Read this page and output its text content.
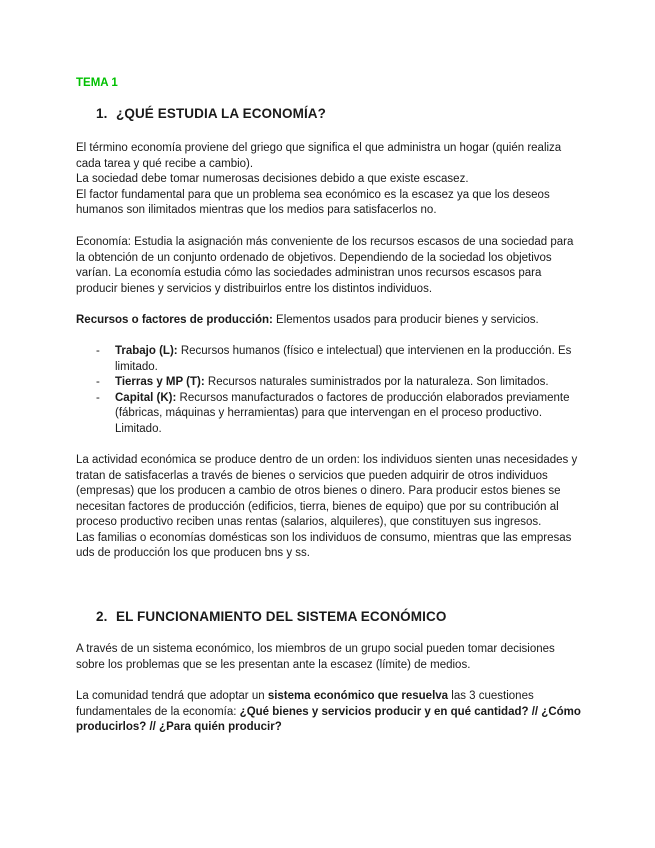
TEMA 1
1. ¿QUÉ ESTUDIA LA ECONOMÍA?

El término economía proviene del griego que significa el que administra un hogar (quién realiza cada tarea y qué recibe a cambio).

La sociedad debe tomar numerosas decisiones debido a que existe escasez.

El factor fundamental para que un problema sea económico es la escasez ya que los deseos humanos son ilimitados mientras que los medios para satisfacerlos no.

Economía: Estudia la asignación más conveniente de los recursos escasos de una sociedad para la obtención de un conjunto ordenado de objetivos. Dependiendo de la sociedad los objetivos varían. La economía estudia cómo las sociedades administran unos recursos escasos para producir bienes y servicios y distribuirlos entre los distintos individuos.

Recursos o factores de producción: Elementos usados para producir bienes y servicios.

- Trabajo (L): Recursos humanos (físico e intelectual) que intervienen en la producción. Es limitado.

- Tierras y MP (T): Recursos naturales suministrados por la naturaleza. Son limitados.

- Capital (K): Recursos manufacturados o factores de producción elaborados previamente (fábricas, máquinas y herramientas) para que intervengan en el proceso productivo. Limitado.

La actividad económica se produce dentro de un orden: los individuos sienten unas necesidades y tratan de satisfacerlas a través de bienes o servicios que pueden adquirir de otros individuos (empresas) que los producen a cambio de otros bienes o dinero. Para producir estos bienes se necesitan factores de producción (edificios, tierra, bienes de equipo) que por su contribución al proceso productivo reciben unas rentas (salarios, alquileres), que constituyen sus ingresos.

Las familias o economías domésticas son los individuos de consumo, mientras que las empresas uds de producción los que producen bns y ss.

2. EL FUNCIONAMIENTO DEL SISTEMA ECONÓMICO

A través de un sistema económico, los miembros de un grupo social pueden tomar decisiones sobre los problemas que se les presentan ante la escasez (límite) de medios.

La comunidad tendrá que adoptar un sistema económico que resuelva las 3 cuestiones fundamentales de la economía: ¿Qué bienes y servicios producir y en qué cantidad? // ¿Cómo producirlos? // ¿Para quién producir?
